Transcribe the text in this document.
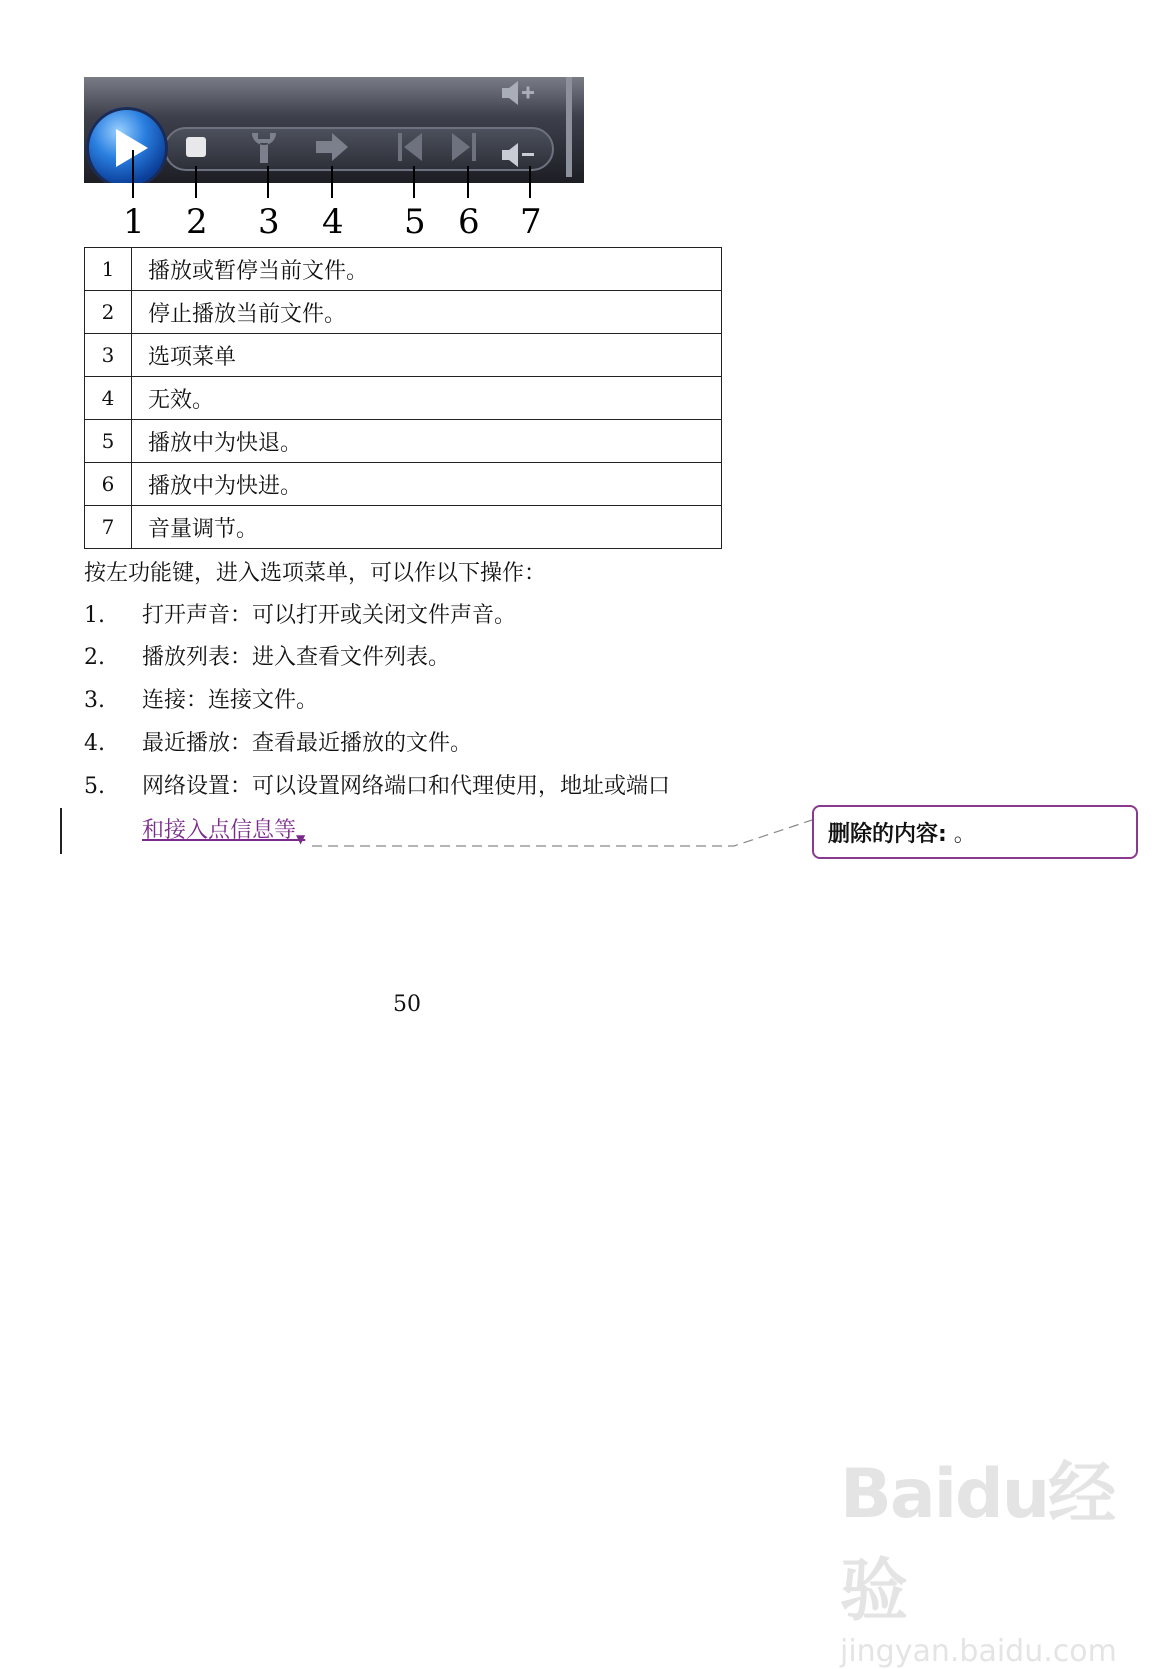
1 2 3 4 5 6 7
1	播放或暂停当前文件。
2	停止播放当前文件。
3	选项菜单
4	无效。
5	播放中为快退。
6	播放中为快进。
7	音量调节。
按左功能键，进入选项菜单，可以作以下操作：
1. 打开声音：可以打开或关闭文件声音。
2. 播放列表：进入查看文件列表。
3. 连接：连接文件。
4. 最近播放：查看最近播放的文件。
5. 网络设置：可以设置网络端口和代理使用，地址或端口
和接入点信息等$_▼$	删除的内容: 。
50
Baidu经验
jingyan.baidu.com
